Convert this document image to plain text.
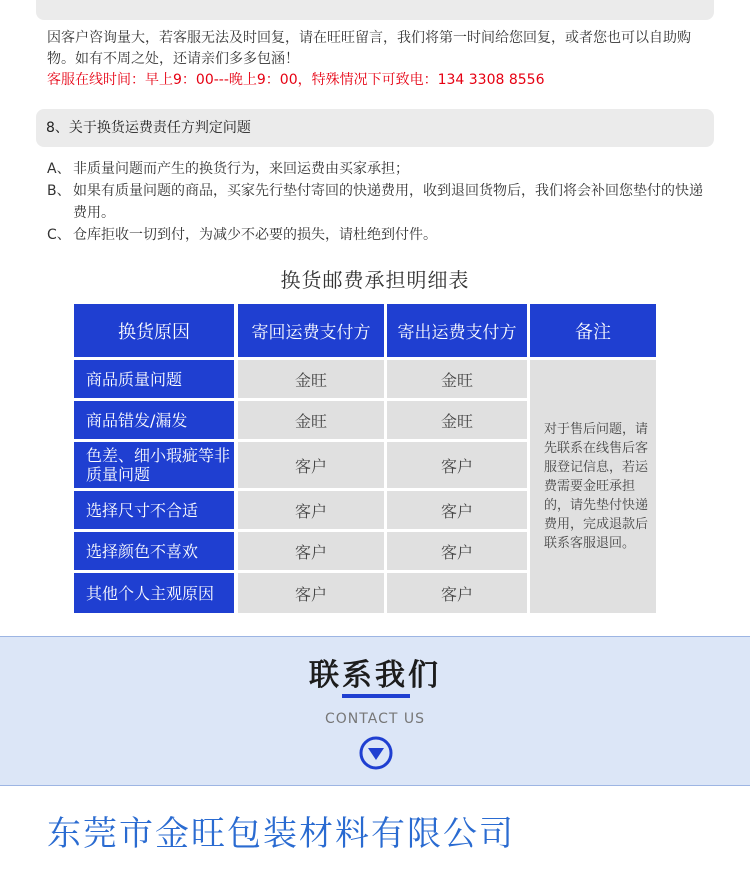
因客户咨询量大，若客服无法及时回复，请在旺旺留言，我们将第一时间给您回复，或者您也可以自助购物。如有不周之处，还请亲们多多包涵！
客服在线时间：早上9：00---晚上9：00，特殊情况下可致电：134 3308 8556
8、关于换货运费责任方判定问题
A、 非质量问题而产生的换货行为，来回运费由买家承担；
B、 如果有质量问题的商品，买家先行垫付寄回的快递费用，收到退回货物后，我们将会补回您垫付的快递费用。
C、 仓库拒收一切到付，为减少不必要的损失，请杜绝到付件。
换货邮费承担明细表
换货原因	寄回运费支付方	寄出运费支付方	备注
商品质量问题	金旺	金旺
商品错发/漏发	金旺	金旺
色差、细小瑕疵等非质量问题	客户	客户
选择尺寸不合适	客户	客户
选择颜色不喜欢	客户	客户
其他个人主观原因	客户	客户
对于售后问题，请先联系在线售后客服登记信息，若运费需要金旺承担的，请先垫付快递费用，完成退款后联系客服退回。
联系我们
CONTACT US
东莞市金旺包装材料有限公司
